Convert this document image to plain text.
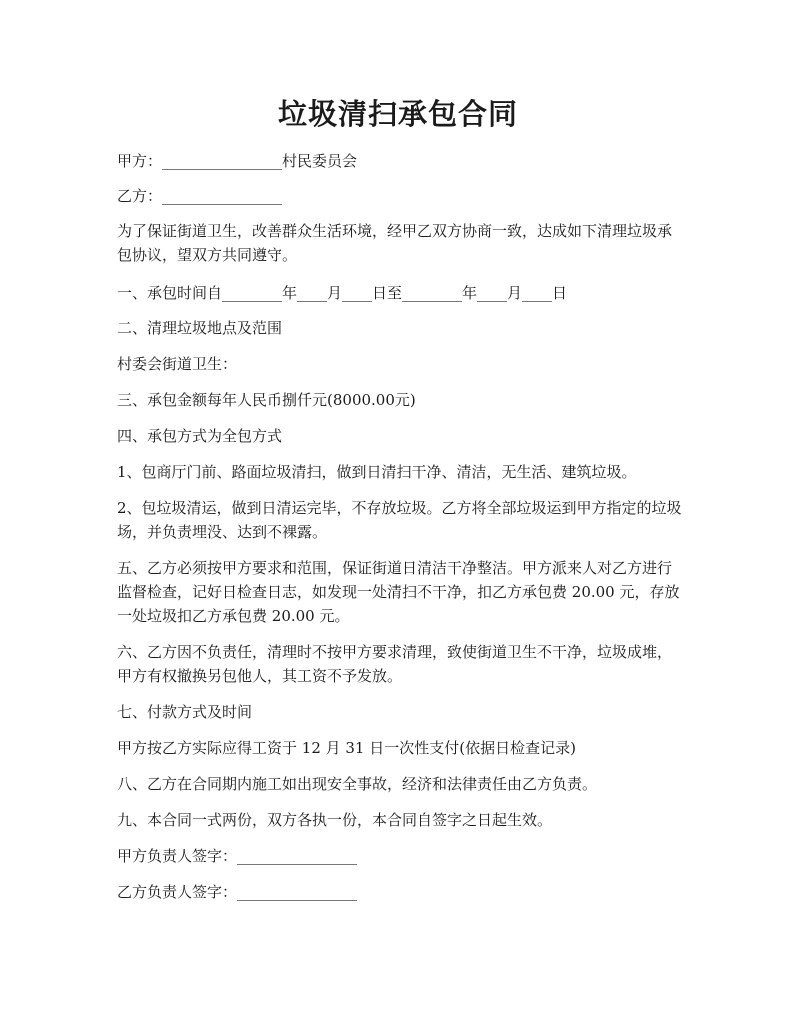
垃圾清扫承包合同

甲方：________________村民委员会

乙方：________________

为了保证街道卫生，改善群众生活环境，经甲乙双方协商一致，达成如下清理垃圾承包协议，望双方共同遵守。

一、承包时间自________年____月____日至________年____月____日

二、清理垃圾地点及范围

村委会街道卫生：

三、承包金额每年人民币捌仟元(8000.00元)

四、承包方式为全包方式

1、包商厅门前、路面垃圾清扫，做到日清扫干净、清洁，无生活、建筑垃圾。

2、包垃圾清运，做到日清运完毕，不存放垃圾。乙方将全部垃圾运到甲方指定的垃圾场，并负责埋没、达到不裸露。

五、乙方必须按甲方要求和范围，保证街道日清洁干净整洁。甲方派来人对乙方进行监督检查，记好日检查日志，如发现一处清扫不干净，扣乙方承包费 20.00 元，存放一处垃圾扣乙方承包费 20.00 元。

六、乙方因不负责任，清理时不按甲方要求清理，致使街道卫生不干净，垃圾成堆，甲方有权撤换另包他人，其工资不予发放。

七、付款方式及时间

甲方按乙方实际应得工资于 12 月 31 日一次性支付(依据日检查记录)

八、乙方在合同期内施工如出现安全事故，经济和法律责任由乙方负责。

九、本合同一式两份，双方各执一份，本合同自签字之日起生效。

甲方负责人签字：________________

乙方负责人签字：________________
